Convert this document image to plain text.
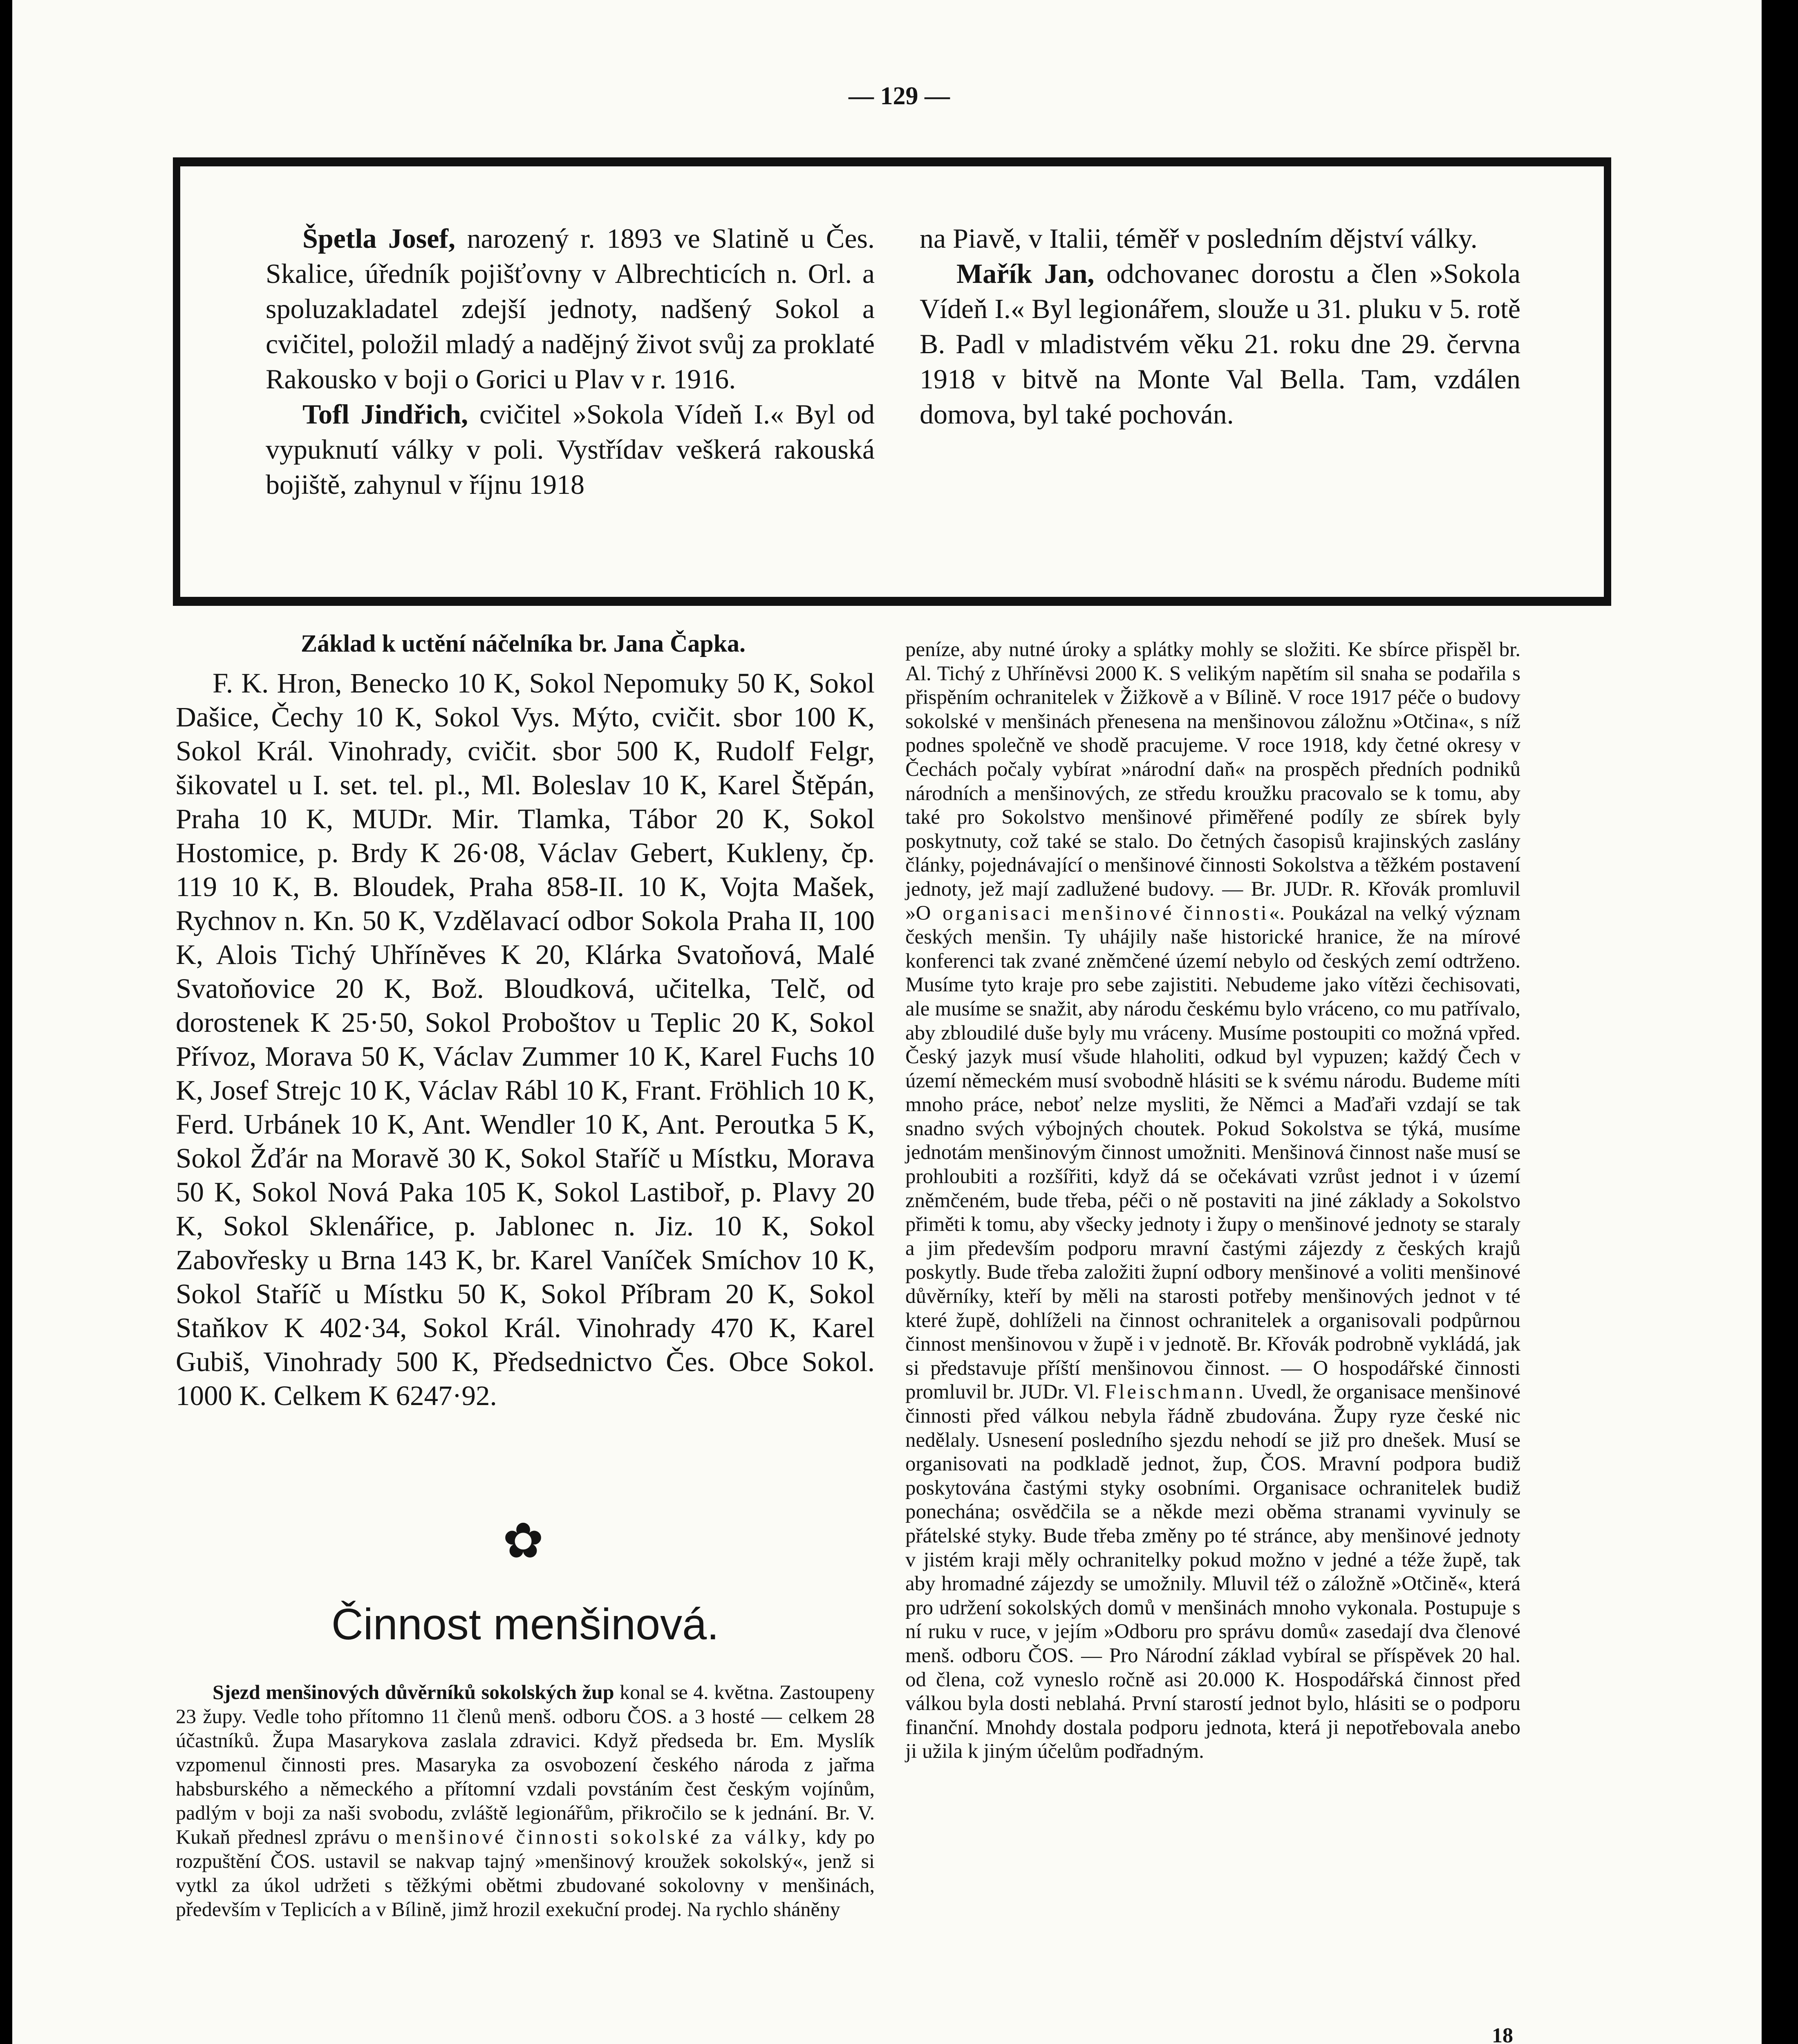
— 129 —

Špetla Josef, narozený r. 1893 ve Slatině u Čes. Skalice, úředník pojišťovny v Albrechticích n. Orl. a spoluzakladatel zdejší jednoty, nadšený Sokol a cvičitel, položil mladý a nadějný život svůj za proklaté Rakousko v boji o Gorici u Plav v r. 1916.

Tofl Jindřich, cvičitel »Sokola Vídeň I.« Byl od vypuknutí války v poli. Vystřídav veškerá rakouská bojiště, zahynul v říjnu 1918

na Piavě, v Italii, téměř v posledním dějství války.

Mařík Jan, odchovanec dorostu a člen »Sokola Vídeň I.« Byl legionářem, slouže u 31. pluku v 5. rotě B. Padl v mladistvém věku 21. roku dne 29. června 1918 v bitvě na Monte Val Bella. Tam, vzdálen domova, byl také pochován.

Základ k uctění náčelníka br. Jana Čapka.

F. K. Hron, Benecko 10 K, Sokol Nepomuky 50 K, Sokol Dašice, Čechy 10 K, Sokol Vys. Mýto, cvičit. sbor 100 K, Sokol Král. Vinohrady, cvičit. sbor 500 K, Rudolf Felgr, šikovatel u I. set. tel. pl., Ml. Boleslav 10 K, Karel Štěpán, Praha 10 K, MUDr. Mir. Tlamka, Tábor 20 K, Sokol Hostomice, p. Brdy K 26·08, Václav Gebert, Kukleny, čp. 119 10 K, B. Bloudek, Praha 858-II. 10 K, Vojta Mašek, Rychnov n. Kn. 50 K, Vzdělavací odbor Sokola Praha II, 100 K, Alois Tichý Uhříněves K 20, Klárka Svatoňová, Malé Svatoňovice 20 K, Bož. Bloudková, učitelka, Telč, od dorostenek K 25·50, Sokol Proboštov u Teplic 20 K, Sokol Přívoz, Morava 50 K, Václav Zummer 10 K, Karel Fuchs 10 K, Josef Strejc 10 K, Václav Rábl 10 K, Frant. Fröhlich 10 K, Ferd. Urbánek 10 K, Ant. Wendler 10 K, Ant. Peroutka 5 K, Sokol Žďár na Moravě 30 K, Sokol Staříč u Místku, Morava 50 K, Sokol Nová Paka 105 K, Sokol Lastibоř, p. Plavy 20 K, Sokol Sklenářice, p. Jablonec n. Jiz. 10 K, Sokol Zabovřesky u Brna 143 K, br. Karel Vaníček Smíchov 10 K, Sokol Staříč u Místku 50 K, Sokol Příbram 20 K, Sokol Staňkov K 402·34, Sokol Král. Vinohrady 470 K, Karel Gubiš, Vinohrady 500 K, Předsednictvo Čes. Obce Sokol. 1000 K. Celkem K 6247·92.

✿
Činnost menšinová.

Sjezd menšinových důvěrníků sokolských žup konal se 4. května. Zastoupeny 23 župy. Vedle toho přítomno 11 členů menš. odboru ČOS. a 3 hosté — celkem 28 účastníků. Župa Masarykova zaslala zdravici. Když předseda br. Em. Myslík vzpomenul činnosti pres. Masaryka za osvobození českého národa z jařma habsburského a německého a přítomní vzdali povstáním čest českým vojínům, padlým v boji za naši svobodu, zvláště legionářům, přikročilo se k jednání. Br. V. Kukaň přednesl zprávu o menšinové činnosti sokolské za války, kdy po rozpuštění ČOS. ustavil se nakvap tajný »menšinový kroužek sokolský«, jenž si vytkl za úkol udržeti s těžkými obětmi zbudované sokolovny v menšinách, především v Teplicích a v Bílině, jimž hrozil exekuční prodej. Na rychlo sháněny

peníze, aby nutné úroky a splátky mohly se složiti. Ke sbírce přispěl br. Al. Tichý z Uhříněvsi 2000 K. S velikým napětím sil snaha se podařila s přispěním ochranitelek v Žižkově a v Bílině. V roce 1917 péče o budovy sokolské v menšinách přenesena na menšinovou záložnu »Otčina«, s níž podnes společně ve shodě pracujeme. V roce 1918, kdy četné okresy v Čechách počaly vybírat »národní daň« na prospěch předních podniků národních a menšinových, ze středu kroužku pracovalo se k tomu, aby také pro Sokolstvo menšinové přiměřené podíly ze sbírek byly poskytnuty, což také se stalo. Do četných časopisů krajinských zaslány články, pojednávající o menšinové činnosti Sokolstva a těžkém postavení jednoty, jež mají zadlužené budovy. — Br. JUDr. R. Křovák promluvil »O organisaci menšinové činnosti«. Poukázal na velký význam českých menšin. Ty uhájily naše historické hranice, že na mírové konferenci tak zvané zněmčené území nebylo od českých zemí odtrženo. Musíme tyto kraje pro sebe zajistiti. Nebudeme jako vítězi čechisovati, ale musíme se snažit, aby národu českému bylo vráceno, co mu patřívalo, aby zbloudilé duše byly mu vráceny. Musíme postoupiti co možná vpřed. Český jazyk musí všude hlaholiti, odkud byl vypuzen; každý Čech v území německém musí svobodně hlásiti se k svému národu. Budeme míti mnoho práce, neboť nelze mysliti, že Němci a Maďaři vzdají se tak snadno svých výbojných choutek. Pokud Sokolstva se týká, musíme jednotám menšinovým činnost umožniti. Menšinová činnost naše musí se prohloubiti a rozšířiti, když dá se očekávati vzrůst jednot i v území zněmčeném, bude třeba, péči o ně postaviti na jiné základy a Sokolstvo přiměti k tomu, aby všecky jednoty i župy o menšinové jednoty se staraly a jim především podporu mravní častými zájezdy z českých krajů poskytly. Bude třeba založiti župní odbory menšinové a voliti menšinové důvěrníky, kteří by měli na starosti potřeby menšinových jednot v té které župě, dohlíželi na činnost ochranitelek a organisovali podpůrnou činnost menšinovou v župě i v jednotě. Br. Křovák podrobně vykládá, jak si představuje příští menšinovou činnost. — O hospodářské činnosti promluvil br. JUDr. Vl. Fleischmann. Uvedl, že organisace menšinové činnosti před válkou nebyla řádně zbudována. Župy ryze české nic nedělaly. Usnesení posledního sjezdu nehodí se již pro dnešek. Musí se organisovati na podkladě jednot, žup, ČOS. Mravní podpora budiž poskytována častými styky osobními. Organisace ochranitelek budiž ponechána; osvědčila se a někde mezi oběma stranami vyvinuly se přátelské styky. Bude třeba změny po té stránce, aby menšinové jednoty v jistém kraji měly ochranitelky pokud možno v jedné a téže župě, tak aby hromadné zájezdy se umožnily. Mluvil též o záložně »Otčině«, která pro udržení sokolských domů v menšinách mnoho vykonala. Postupuje s ní ruku v ruce, v jejím »Odboru pro správu domů« zasedají dva členové menš. odboru ČOS. — Pro Národní základ vybíral se příspěvek 20 hal. od člena, což vyneslo ročně asi 20.000 K. Hospodářská činnost před válkou byla dosti neblahá. První starostí jednot bylo, hlásiti se o podporu finanční. Mnohdy dostala podporu jednota, která ji nepotřebovala anebo ji užila k jiným účelům podřadným.

18
